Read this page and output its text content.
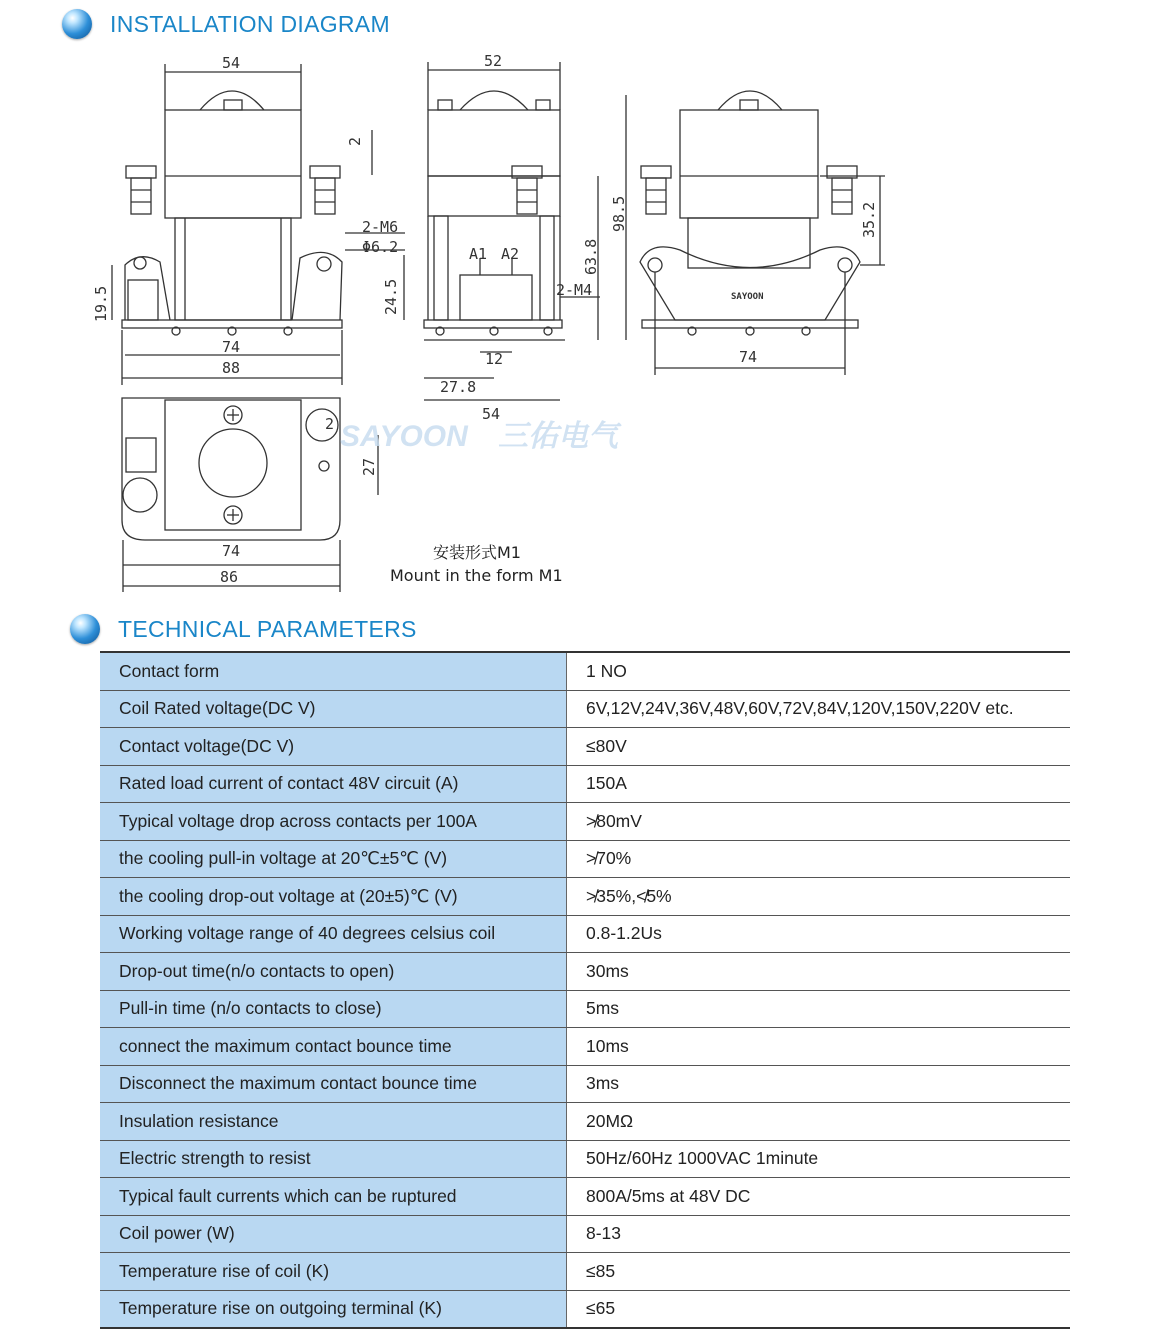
INSTALLATION DIAGRAM
SAYOON 三佑电气
54	52
2
2-M6
Φ6.2
19.5	24.5
74
88
A1 A2	63.8
98.5
2-M4
12
27.8
54
35.2
74
2
27
74
86
SAYOON
安装形式M1
Mount in the form M1
TECHNICAL PARAMETERS
Contact form	1 NO
Coil Rated voltage(DC V)	6V,12V,24V,36V,48V,60V,72V,84V,120V,150V,220V etc.
Contact voltage(DC V)	≤80V
Rated load current of contact 48V circuit (A)	150A
Typical voltage drop across contacts per 100A	≯80mV
the cooling pull-in voltage at 20℃±5℃ (V)	≯70%
the cooling drop-out voltage at (20±5)℃ (V)	≯35%,≮5%
Working voltage range of 40 degrees celsius coil	0.8-1.2Us
Drop-out time(n/o contacts to open)	30ms
Pull-in time (n/o contacts to close)	5ms
connect the maximum contact bounce time	10ms
Disconnect the maximum contact bounce time	3ms
Insulation resistance	20MΩ
Electric strength to resist	50Hz/60Hz 1000VAC 1minute
Typical fault currents which can be ruptured	800A/5ms at 48V DC
Coil power (W)	8-13
Temperature rise of coil (K)	≤85
Temperature rise on outgoing terminal (K)	≤65
